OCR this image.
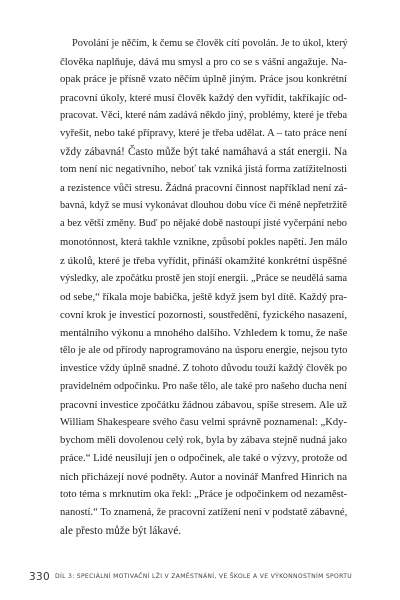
Povolání je něčím, k čemu se člověk cítí povolán. Je to úkol, který
člověka naplňuje, dává mu smysl a pro co se s vášní angažuje. Na-
opak práce je přísně vzato něčím úplně jiným. Práce jsou konkrétní
pracovní úkoly, které musí člověk každý den vyřídit, takříkajíc od-
pracovat. Věci, které nám zadává někdo jiný, problémy, které je třeba
vyřešit, nebo také přípravy, které je třeba udělat. A – tato práce není
vždy zábavná! Často může být také namáhavá a stát energii. Na
tom není nic negativního, neboť tak vzniká jistá forma zatížitelnosti
a rezistence vůči stresu. Žádná pracovní činnost například není zá-
bavná, když se musí vykonávat dlouhou dobu více či méně nepřetržitě
a bez větší změny. Buď po nějaké době nastoupí jisté vyčerpání nebo
monotónnost, která takhle vznikne, způsobí pokles napětí. Jen málo
z úkolů, které je třeba vyřídit, přináší okamžité konkrétní úspěšné
výsledky, ale zpočátku prostě jen stojí energii. „Práce se neudělá sama
od sebe,“ říkala moje babička, ještě když jsem byl dítě. Každý pra-
covní krok je investicí pozornosti, soustředění, fyzického nasazení,
mentálního výkonu a mnohého dalšího. Vzhledem k tomu, že naše
tělo je ale od přírody naprogramováno na úsporu energie, nejsou tyto
investice vždy úplně snadné. Z tohoto důvodu touží každý člověk po
pravidelném odpočinku. Pro naše tělo, ale také pro našeho ducha není
pracovní investice zpočátku žádnou zábavou, spíše stresem. Ale už
William Shakespeare svého času velmi správně poznamenal: „Kdy-
bychom měli dovolenou celý rok, byla by zábava stejně nudná jako
práce.“ Lidé neusilují jen o odpočinek, ale také o výzvy, protože od
nich přicházejí nové podněty. Autor a novinář Manfred Hinrich na
toto téma s mrknutím oka řekl: „Práce je odpočinkem od nezaměst-
naností.“ To znamená, že pracovní zatížení není v podstatě zábavné,
ale přesto může být lákavé.
330 DÍL 3: SPECIÁLNÍ MOTIVAČNÍ LŽI V ZAMĚSTNÁNÍ, VE ŠKOLE A VE VÝKONNOSTNÍM SPORTU
